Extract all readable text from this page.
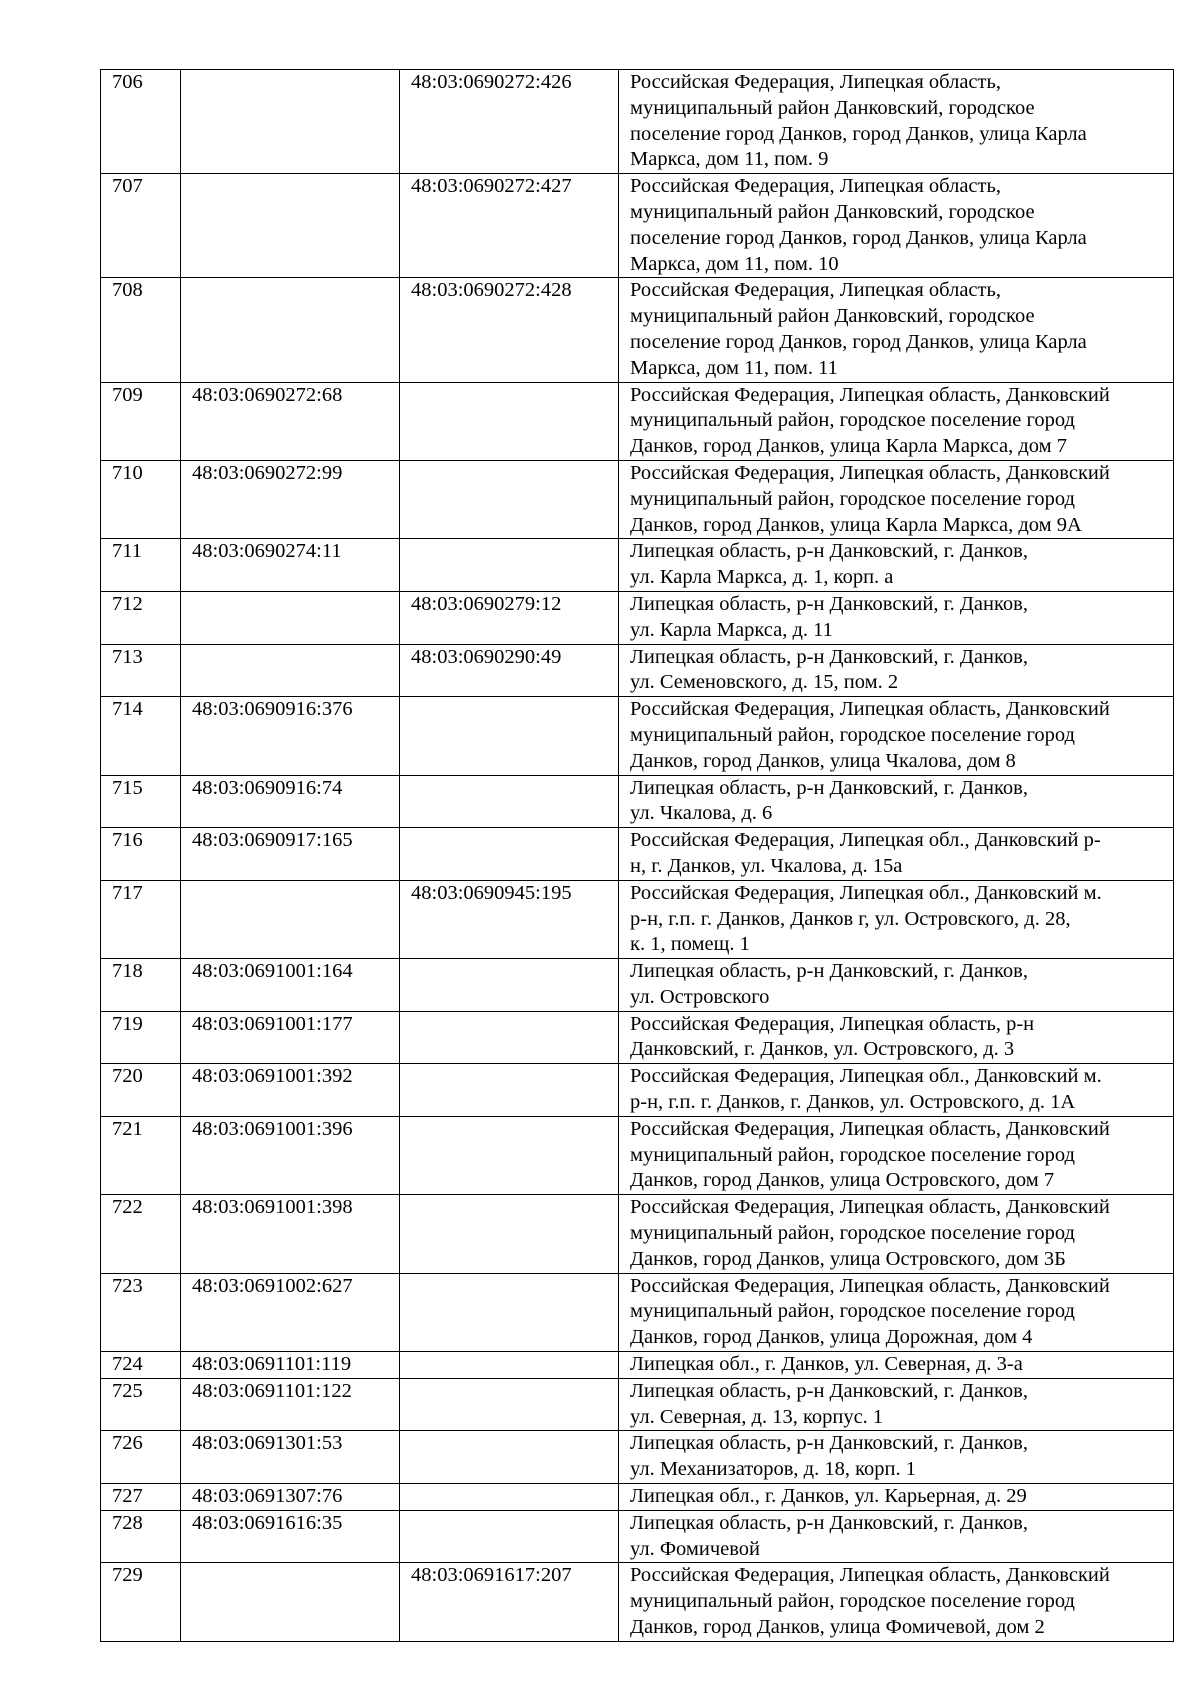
706		48:03:0690272:426	Российская Федерация, Липецкая область,
муниципальный район Данковский, городское
поселение город Данков, город Данков, улица Карла
Маркса, дом 11, пом. 9
707		48:03:0690272:427	Российская Федерация, Липецкая область,
муниципальный район Данковский, городское
поселение город Данков, город Данков, улица Карла
Маркса, дом 11, пом. 10
708		48:03:0690272:428	Российская Федерация, Липецкая область,
муниципальный район Данковский, городское
поселение город Данков, город Данков, улица Карла
Маркса, дом 11, пом. 11
709	48:03:0690272:68		Российская Федерация, Липецкая область, Данковский
муниципальный район, городское поселение город
Данков, город Данков, улица Карла Маркса, дом 7
710	48:03:0690272:99		Российская Федерация, Липецкая область, Данковский
муниципальный район, городское поселение город
Данков, город Данков, улица Карла Маркса, дом 9А
711	48:03:0690274:11		Липецкая область, р-н Данковский, г. Данков,
ул. Карла Маркса, д. 1, корп. а
712		48:03:0690279:12	Липецкая область, р-н Данковский, г. Данков,
ул. Карла Маркса, д. 11
713		48:03:0690290:49	Липецкая область, р-н Данковский, г. Данков,
ул. Семеновского, д. 15, пом. 2
714	48:03:0690916:376		Российская Федерация, Липецкая область, Данковский
муниципальный район, городское поселение город
Данков, город Данков, улица Чкалова, дом 8
715	48:03:0690916:74		Липецкая область, р-н Данковский, г. Данков,
ул. Чкалова, д. 6
716	48:03:0690917:165		Российская Федерация, Липецкая обл., Данковский р-
н, г. Данков, ул. Чкалова, д. 15а
717		48:03:0690945:195	Российская Федерация, Липецкая обл., Данковский м.
р-н, г.п. г. Данков, Данков г, ул. Островского, д. 28,
к. 1, помещ. 1
718	48:03:0691001:164		Липецкая область, р-н Данковский, г. Данков,
ул. Островского
719	48:03:0691001:177		Российская Федерация, Липецкая область, р-н
Данковский, г. Данков, ул. Островского, д. 3
720	48:03:0691001:392		Российская Федерация, Липецкая обл., Данковский м.
р-н, г.п. г. Данков, г. Данков, ул. Островского, д. 1А
721	48:03:0691001:396		Российская Федерация, Липецкая область, Данковский
муниципальный район, городское поселение город
Данков, город Данков, улица Островского, дом 7
722	48:03:0691001:398		Российская Федерация, Липецкая область, Данковский
муниципальный район, городское поселение город
Данков, город Данков, улица Островского, дом 3Б
723	48:03:0691002:627		Российская Федерация, Липецкая область, Данковский
муниципальный район, городское поселение город
Данков, город Данков, улица Дорожная, дом 4
724	48:03:0691101:119		Липецкая обл., г. Данков, ул. Северная, д. 3-а
725	48:03:0691101:122		Липецкая область, р-н Данковский, г. Данков,
ул. Северная, д. 13, корпус. 1
726	48:03:0691301:53		Липецкая область, р-н Данковский, г. Данков,
ул. Механизаторов, д. 18, корп. 1
727	48:03:0691307:76		Липецкая обл., г. Данков, ул. Карьерная, д. 29
728	48:03:0691616:35		Липецкая область, р-н Данковский, г. Данков,
ул. Фомичевой
729		48:03:0691617:207	Российская Федерация, Липецкая область, Данковский
муниципальный район, городское поселение город
Данков, город Данков, улица Фомичевой, дом 2
